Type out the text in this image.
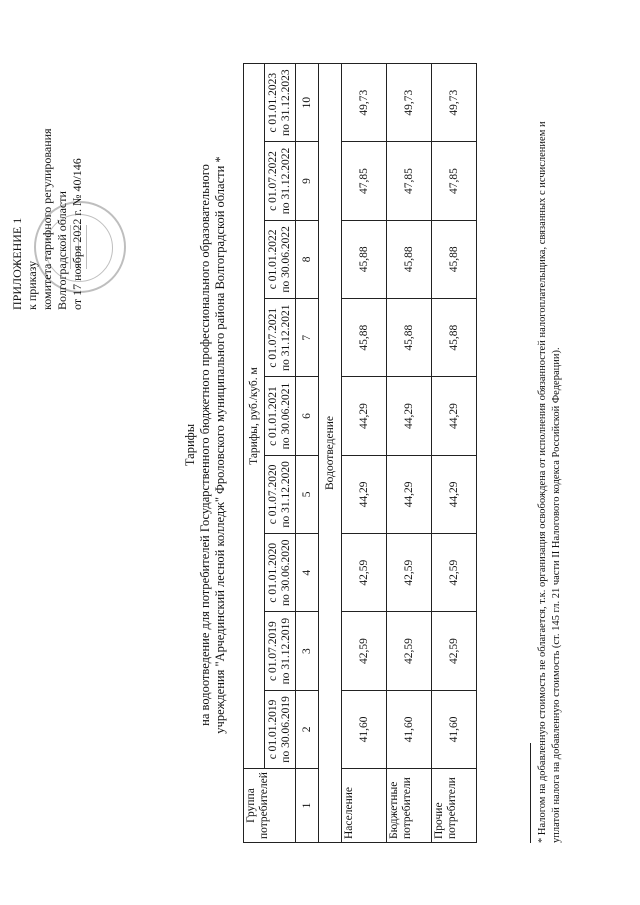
ПРИЛОЖЕНИЕ 1 к приказу комитета тарифного регулирования Волгоградской области от 17 ноября 2022 г. № 40/146
Тарифы на водоотведение для потребителей Государственного бюджетного профессионального образовательного учреждения "Арчединский лесной колледж" Фроловского муниципального района Волгоградской области *
Группа потребителей	Тарифы, руб./куб. м								
	с 01.01.2019 по 30.06.2019	с 01.07.2019 по 31.12.2019	с 01.01.2020 по 30.06.2020	с 01.07.2020 по 31.12.2020	с 01.01.2021 по 30.06.2021	с 01.07.2021 по 31.12.2021	с 01.01.2022 по 30.06.2022	с 01.07.2022 по 31.12.2022	с 01.01.2023 по 31.12.2023
1	2	3	4	5	6	7	8	9	10
Водоотведение									
Население	41,60	42,59	42,59	44,29	44,29	45,88	45,88	47,85	49,73
Бюджетные потребители	41,60	42,59	42,59	44,29	44,29	45,88	45,88	47,85	49,73
Прочие потребители	41,60	42,59	42,59	44,29	44,29	45,88	45,88	47,85	49,73
* Налогом на добавленную стоимость не облагается, т.к. организация освобождена от исполнения обязанностей налогоплательщика, связанных с исчислением и уплатой налога на добавленную стоимость (ст. 145 гл. 21 части II Налогового кодекса Российской Федерации).
